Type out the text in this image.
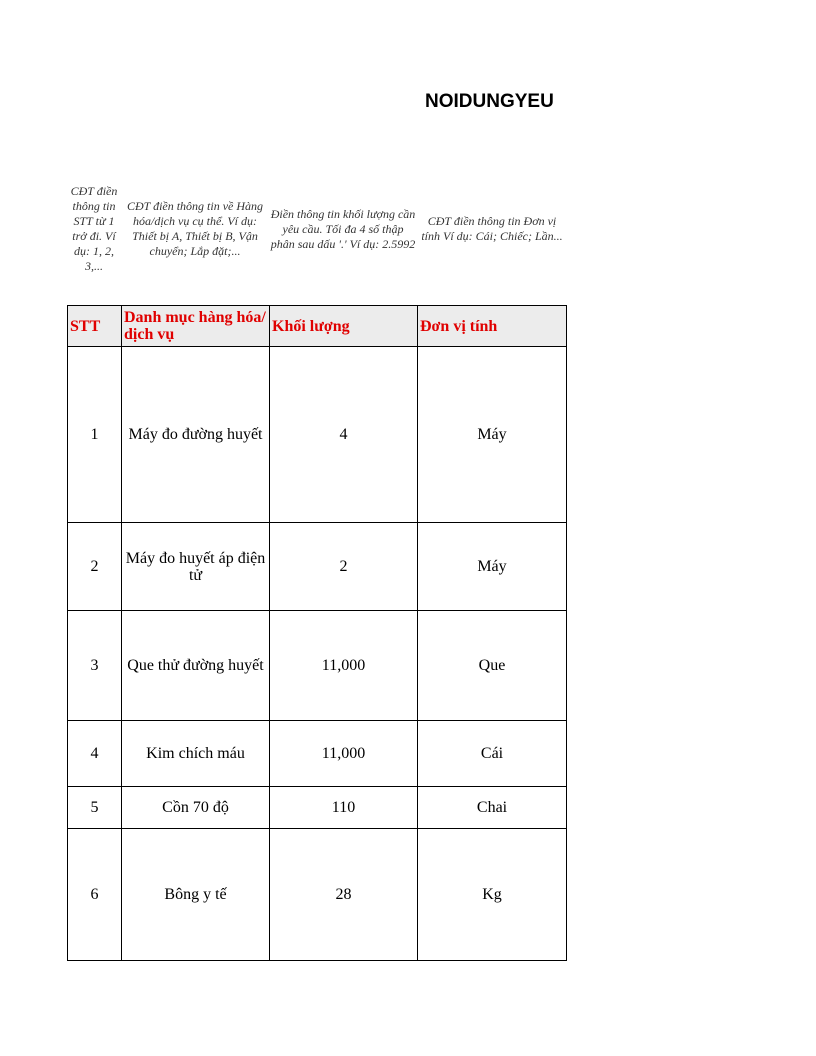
NOIDUNGYEU
CĐT điền thông tin STT từ 1 trở đi. Ví dụ: 1, 2, 3,...
CĐT điền thông tin về Hàng hóa/dịch vụ cụ thể. Ví dụ: Thiết bị A, Thiết bị B, Vận chuyển; Lắp đặt;...
Điền thông tin khối lượng cần yêu cầu. Tối đa 4 số thập phân sau dấu '.' Ví dụ: 2.5992
CĐT điền thông tin Đơn vị tính Ví dụ: Cái; Chiếc; Lần...
STT	Danh mục hàng hóa/ dịch vụ	Khối lượng	Đơn vị tính
1	Máy đo đường huyết	4	Máy
2	Máy đo huyết áp điện tử	2	Máy
3	Que thử đường huyết	11,000	Que
4	Kim chích máu	11,000	Cái
5	Cồn 70 độ	110	Chai
6	Bông y tế	28	Kg
